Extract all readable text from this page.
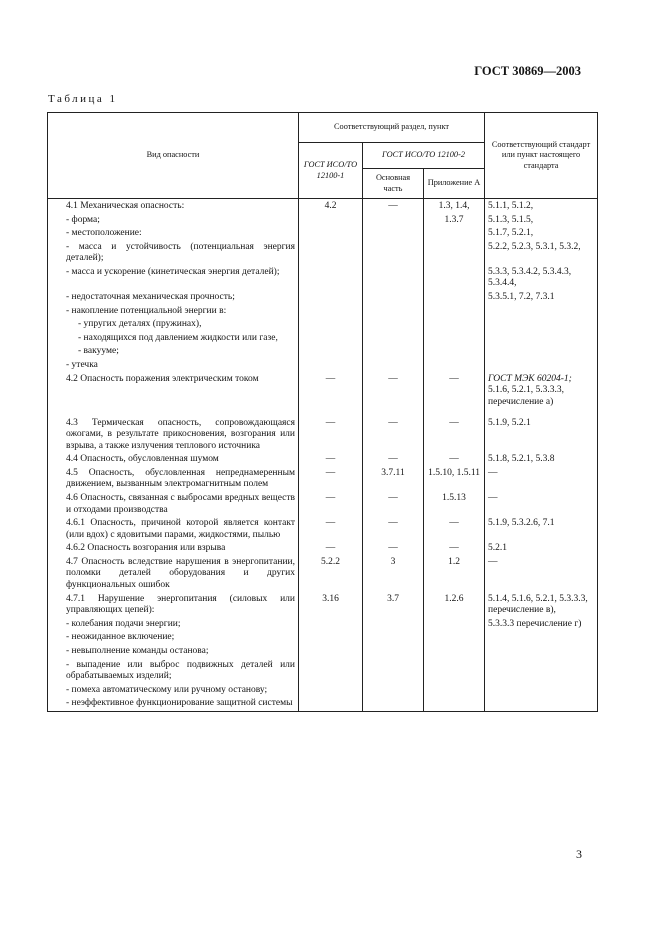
ГОСТ 30869—2003
Таблица 1
Вид опасности	Соответствующий раздел, пункт			Соответствующий стандарт или пункт настоящего стандарта
	ГОСТ ИСО/ТО 12100-1	ГОСТ ИСО/ТО 12100-2		
		Основная часть	Приложение А	
4.1 Механическая опасность:	4.2	—	1.3, 1.4,	5.1.1, 5.1.2,
- форма;			1.3.7	5.1.3, 5.1.5,
- местоположение:				5.1.7, 5.2.1,
- масса и устойчивость (потенциальная энергия деталей);				5.2.2, 5.2.3, 5.3.1, 5.3.2,
- масса и ускорение (кинетическая энергия деталей);				5.3.3, 5.3.4.2, 5.3.4.3, 5.3.4.4,
- недостаточная механическая прочность;				5.3.5.1, 7.2, 7.3.1
- накопление потенциальной энергии в:				
- упругих деталях (пружинах),				
- находящихся под давлением жидкости или газе,				
- вакууме;				
- утечка				
4.2 Опасность поражения электрическим током	—	—	—	ГОСТ МЭК 60204-1; 5.1.6, 5.2.1, 5.3.3.3, перечисление а)
4.3 Термическая опасность, сопровождающаяся ожогами, в результате прикосновения, возгорания или взрыва, а также излучения теплового источника	—	—	—	5.1.9, 5.2.1
4.4 Опасность, обусловленная шумом	—	—	—	5.1.8, 5.2.1, 5.3.8
4.5 Опасность, обусловленная непреднамеренным движением, вызванным электромагнитным полем	—	3.7.11	1.5.10, 1.5.11	—
4.6 Опасность, связанная с выбросами вредных веществ и отходами производства	—	—	1.5.13	—
4.6.1 Опасность, причиной которой является контакт (или вдох) с ядовитыми парами, жидкостями, пылью	—	—	—	5.1.9, 5.3.2.6, 7.1
4.6.2 Опасность возгорания или взрыва	—	—	—	5.2.1
4.7 Опасность вследствие нарушения в энергопитании, поломки деталей оборудования и других функциональных ошибок	5.2.2	3	1.2	—
4.7.1 Нарушение энергопитания (силовых или управляющих цепей):	3.16	3.7	1.2.6	5.1.4, 5.1.6, 5.2.1, 5.3.3.3, перечисление в),
- колебания подачи энергии;				5.3.3.3 перечисление г)
- неожиданное включение;				
- невыполнение команды останова;				
- выпадение или выброс подвижных деталей или обрабатываемых изделий;				
- помеха автоматическому или ручному останову;				
- неэффективное функционирование защитной системы				
3
